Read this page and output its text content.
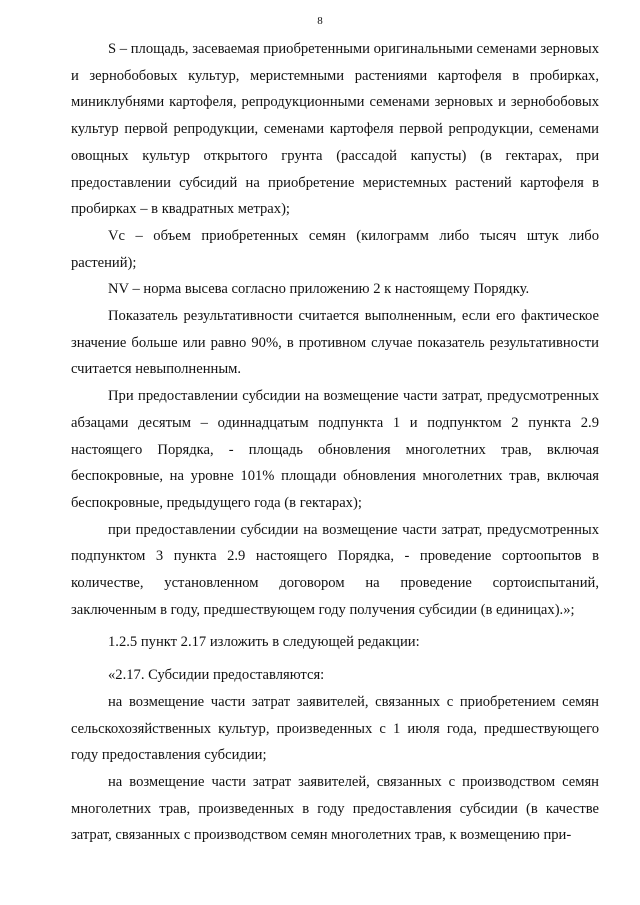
8

S – площадь, засеваемая приобретенными оригинальными семенами зерновых и зернобобовых культур, меристемными растениями картофеля в пробирках, миниклубнями картофеля, репродукционными семенами зерновых и зернобобовых культур первой репродукции, семенами картофеля первой репродукции, семенами овощных культур открытого грунта (рассадой капусты) (в гектарах, при предоставлении субсидий на приобретение меристемных растений картофеля в пробирках – в квадратных метрах);

Vc – объем приобретенных семян (килограмм либо тысяч штук либо растений);

NV – норма высева согласно приложению 2 к настоящему Порядку.

Показатель результативности считается выполненным, если его фактическое значение больше или равно 90%, в противном случае показатель результативности считается невыполненным.

При предоставлении субсидии на возмещение части затрат, предусмотренных абзацами десятым – одиннадцатым подпункта 1 и подпунктом 2 пункта 2.9 настоящего Порядка, - площадь обновления многолетних трав, включая беспокровные, на уровне 101% площади обновления многолетних трав, включая беспокровные, предыдущего года (в гектарах);

при предоставлении субсидии на возмещение части затрат, предусмотренных подпунктом 3 пункта 2.9 настоящего Порядка, - проведение сортоопытов в количестве, установленном договором на проведение сортоиспытаний, заключенным в году, предшествующем году получения субсидии (в единицах).»;

1.2.5 пункт 2.17 изложить в следующей редакции:

«2.17. Субсидии предоставляются:

на возмещение части затрат заявителей, связанных с приобретением семян сельскохозяйственных культур, произведенных с 1 июля года, предшествующего году предоставления субсидии;

на возмещение части затрат заявителей, связанных с производством семян многолетних трав, произведенных в году предоставления субсидии (в качестве затрат, связанных с производством семян многолетних трав, к возмещению при-
